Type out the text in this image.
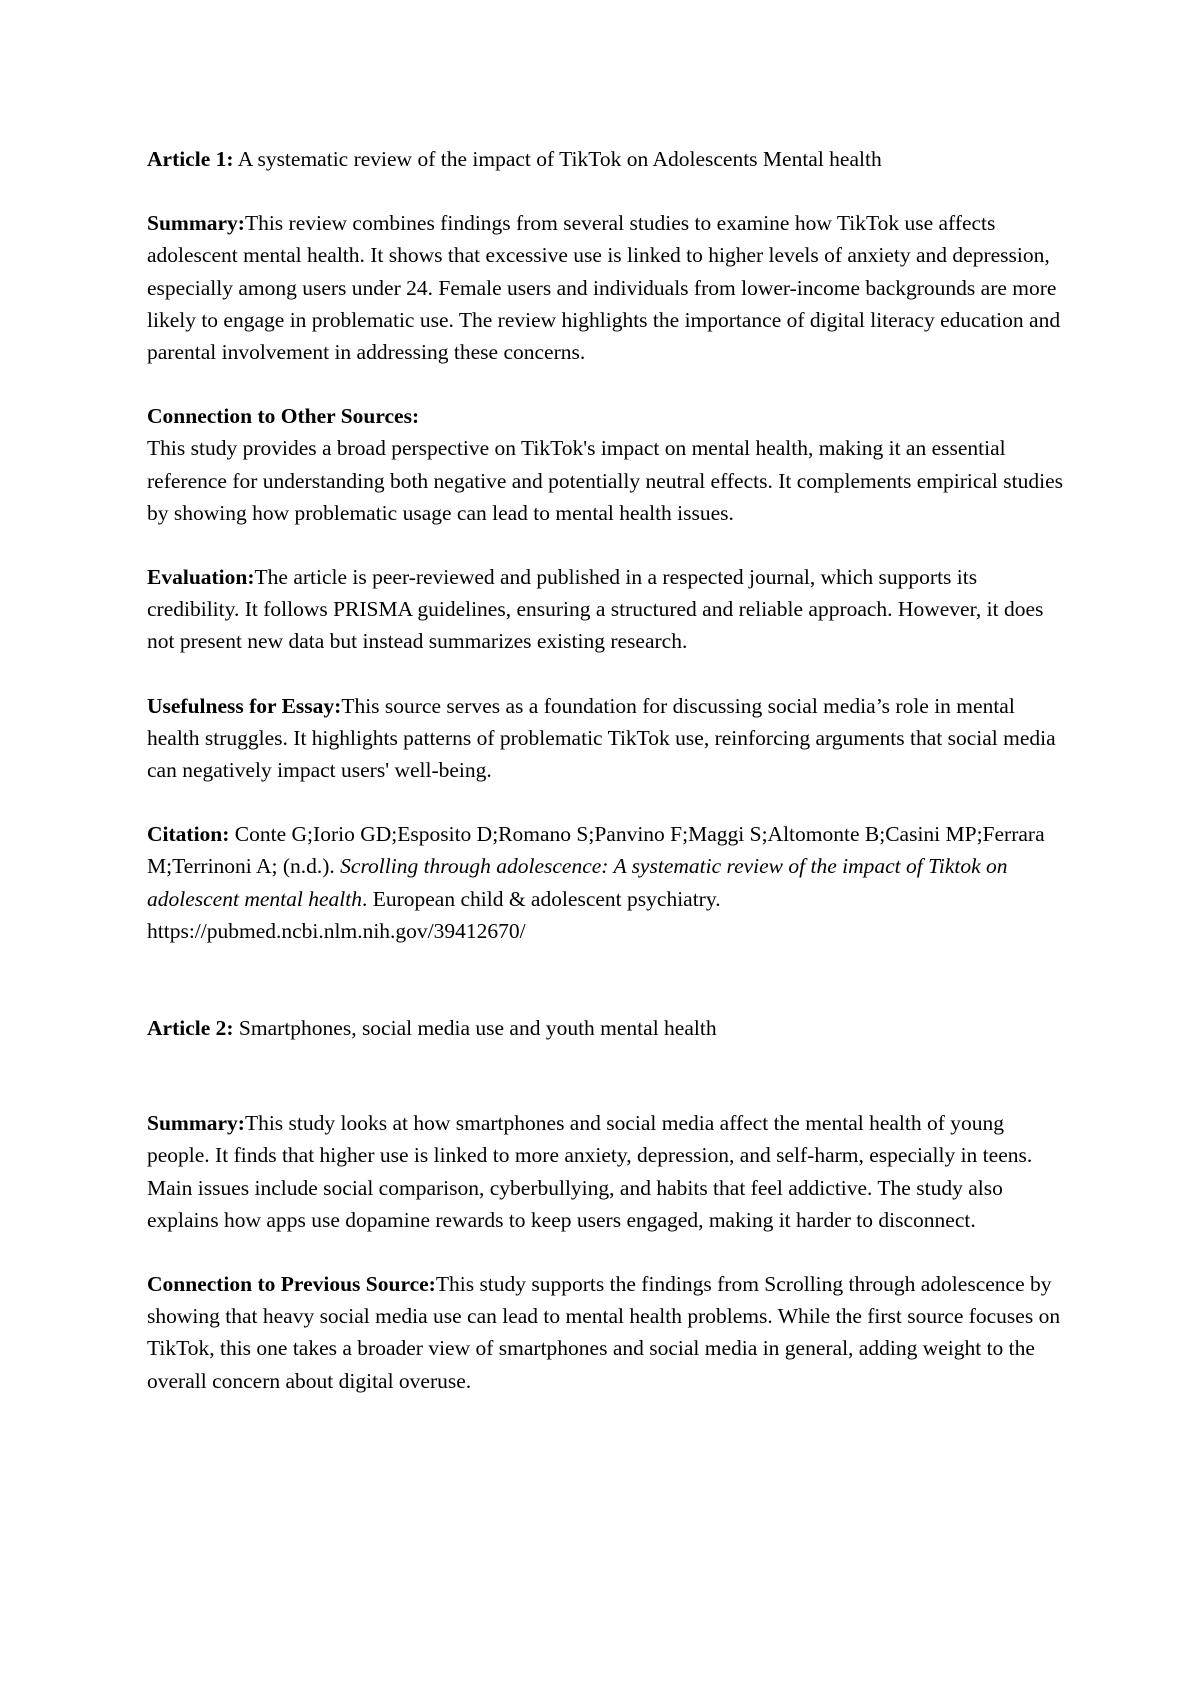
Article 1: A systematic review of the impact of TikTok on Adolescents Mental health

Summary:This review combines findings from several studies to examine how TikTok use affects adolescent mental health. It shows that excessive use is linked to higher levels of anxiety and depression, especially among users under 24. Female users and individuals from lower-income backgrounds are more likely to engage in problematic use. The review highlights the importance of digital literacy education and parental involvement in addressing these concerns.

Connection to Other Sources:

This study provides a broad perspective on TikTok's impact on mental health, making it an essential reference for understanding both negative and potentially neutral effects. It complements empirical studies by showing how problematic usage can lead to mental health issues.

Evaluation:The article is peer-reviewed and published in a respected journal, which supports its credibility. It follows PRISMA guidelines, ensuring a structured and reliable approach. However, it does not present new data but instead summarizes existing research.

Usefulness for Essay:This source serves as a foundation for discussing social media’s role in mental health struggles. It highlights patterns of problematic TikTok use, reinforcing arguments that social media can negatively impact users' well-being.

Citation: Conte G;Iorio GD;Esposito D;Romano S;Panvino F;Maggi S;Altomonte B;Casini MP;Ferrara M;Terrinoni A; (n.d.). Scrolling through adolescence: A systematic review of the impact of Tiktok on adolescent mental health. European child & adolescent psychiatry. https://pubmed.ncbi.nlm.nih.gov/39412670/

Article 2: Smartphones, social media use and youth mental health

Summary:This study looks at how smartphones and social media affect the mental health of young people. It finds that higher use is linked to more anxiety, depression, and self-harm, especially in teens. Main issues include social comparison, cyberbullying, and habits that feel addictive. The study also explains how apps use dopamine rewards to keep users engaged, making it harder to disconnect.

Connection to Previous Source:This study supports the findings from Scrolling through adolescence by showing that heavy social media use can lead to mental health problems. While the first source focuses on TikTok, this one takes a broader view of smartphones and social media in general, adding weight to the overall concern about digital overuse.
